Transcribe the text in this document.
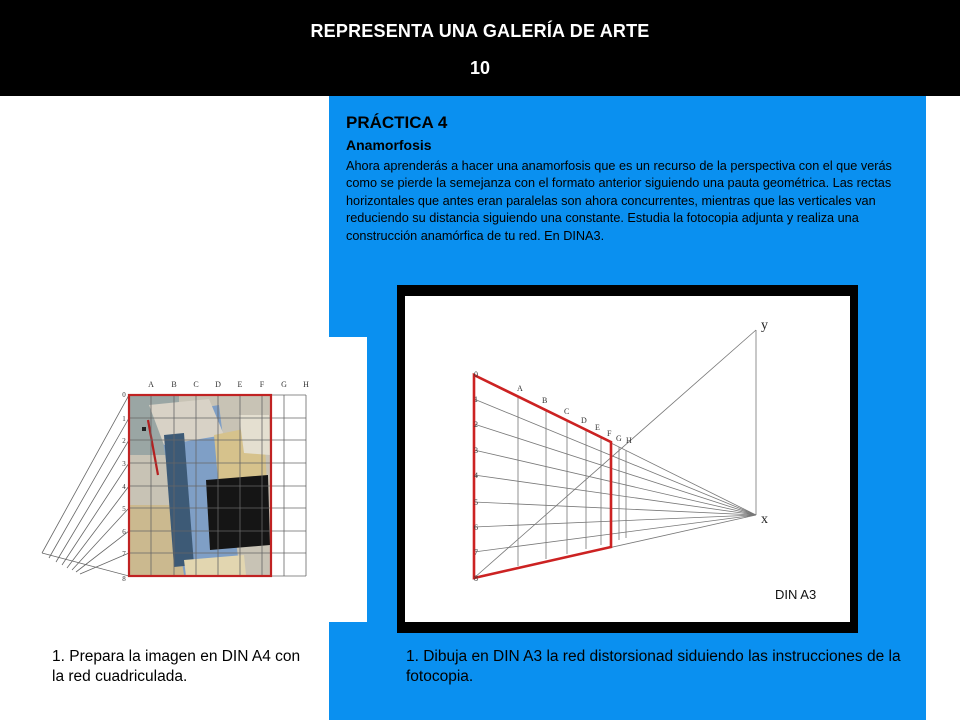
REPRESENTA UNA GALERÍA DE ARTE
10
PRÁCTICA 4
Anamorfosis
Ahora aprenderás a hacer una anamorfosis que es un recurso de la perspectiva con el que verás como se pierde la semejanza con el formato anterior siguiendo una pauta geométrica. Las rectas horizontales que antes eran paralelas son ahora concurrentes, mientras que las verticales van reduciendo su distancia siguiendo una constante. Estudia la fotocopia adjunta y realiza una construcción anamórfica de tu red. En DINA3.
A B C D E F G H
0
1
2
3
4
5
6
7
8
A
B
C
D
E
F
G H
0
1
2
3
4
5
6
7
8
y
x
DIN A3
1. Prepara la imagen en DIN A4 con la red cuadriculada.
1. Dibuja en DIN A3 la red distorsionad siduiendo las instrucciones de la fotocopia.
